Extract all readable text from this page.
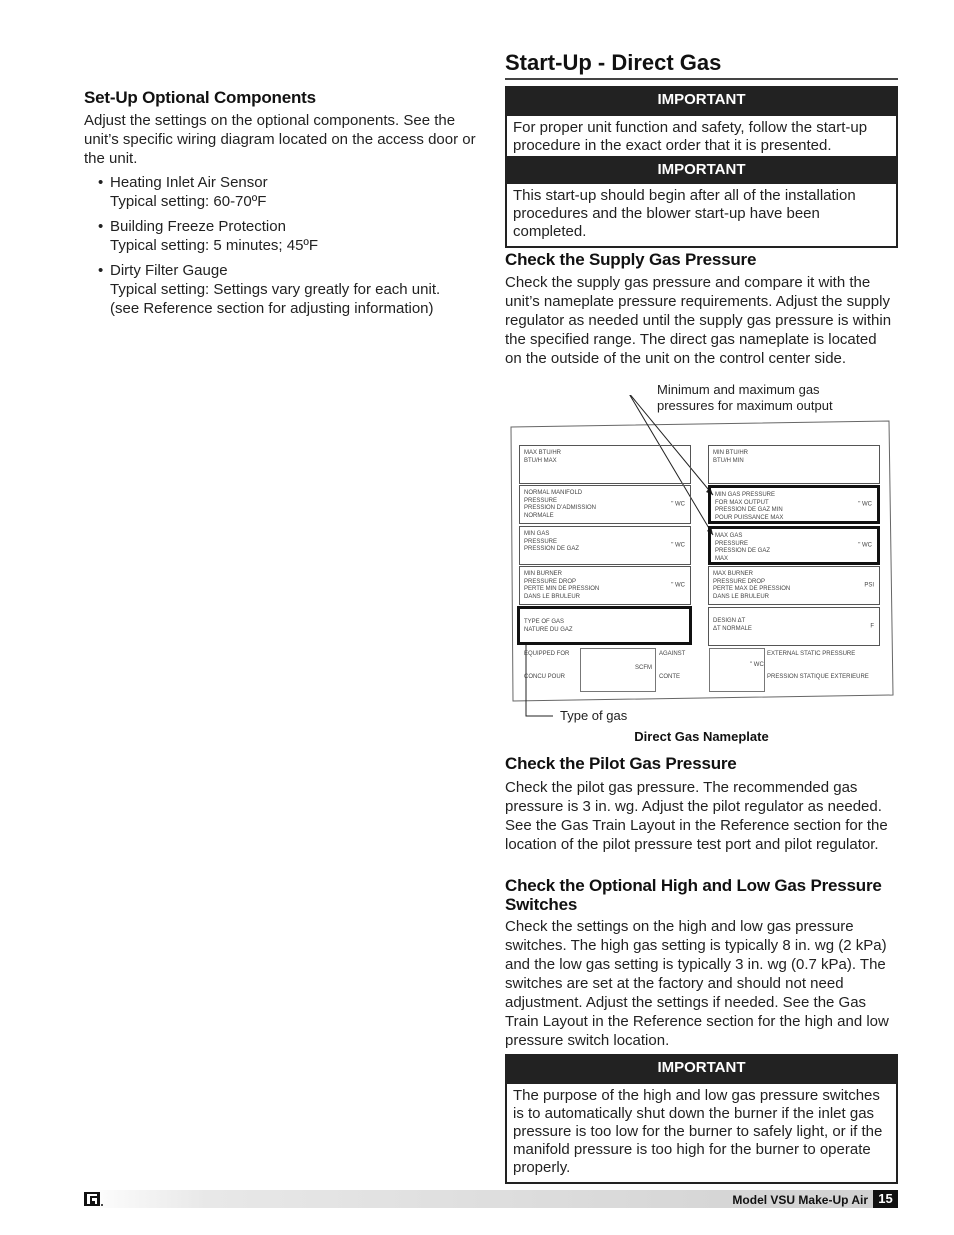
Set-Up Optional Components
Adjust the settings on the optional components. See the unit’s specific wiring diagram located on the access door or the unit.
• Heating Inlet Air Sensor
Typical setting: 60-70ºF
• Building Freeze Protection
Typical setting: 5 minutes; 45ºF
• Dirty Filter Gauge
Typical setting: Settings vary greatly for each unit. (see Reference section for adjusting information)
Start-Up - Direct Gas
IMPORTANT
For proper unit function and safety, follow the start-up procedure in the exact order that it is presented.
IMPORTANT
This start-up should begin after all of the installation procedures and the blower start-up have been completed.
Check the Supply Gas Pressure
Check the supply gas pressure and compare it with the unit’s nameplate pressure requirements. Adjust the supply regulator as needed until the supply gas pressure is within the specified range. The direct gas nameplate is located on the outside of the unit on the control center side.
Minimum and maximum gas pressures for maximum output
MAX BTU/HR
BTU/H MAX
MIN BTU/HR
BTU/H MIN
NORMAL MANIFOLD
PRESSURE
PRESSION D’ADMISSION
NORMALE
" WC
MIN GAS PRESSURE
FOR MAX OUTPUT
PRESSION DE GAZ MIN
POUR PUISSANCE MAX
" WC
MIN GAS
PRESSURE
PRESSION DE GAZ
" WC
MAX GAS
PRESSURE
PRESSION DE GAZ
MAX
" WC
MIN BURNER
PRESSURE DROP
PERTE MIN DE PRESSION
DANS LE BRULEUR
" WC
MAX BURNER
PRESSURE DROP
PERTE MAX DE PRESSION
DANS LE BRULEUR
PSI
TYPE OF GAS
NATURE DU GAZ
DESIGN ΔT
ΔT NORMALE	F
EQUIPPED FOR
CONCU POUR
SCFM
AGAINST
CONTE
" WC
EXTERNAL STATIC PRESSURE
PRESSION STATIQUE EXTERIEURE
Type of gas
Direct Gas Nameplate
Check the Pilot Gas Pressure
Check the pilot gas pressure. The recommended gas pressure is 3 in. wg. Adjust the pilot regulator as needed. See the Gas Train Layout in the Reference section for the location of the pilot pressure test port and pilot regulator.
Check the Optional High and Low Gas Pressure Switches
Check the settings on the high and low gas pressure switches. The high gas setting is typically 8 in. wg (2 kPa) and the low gas setting is typically 3 in. wg (0.7 kPa). The switches are set at the factory and should not need adjustment. Adjust the settings if needed. See the Gas Train Layout in the Reference section for the high and low pressure switch location.
IMPORTANT
The purpose of the high and low gas pressure switches is to automatically shut down the burner if the inlet gas pressure is too low for the burner to safely light, or if the manifold pressure is too high for the burner to operate properly.
Model VSU Make-Up Air 15
